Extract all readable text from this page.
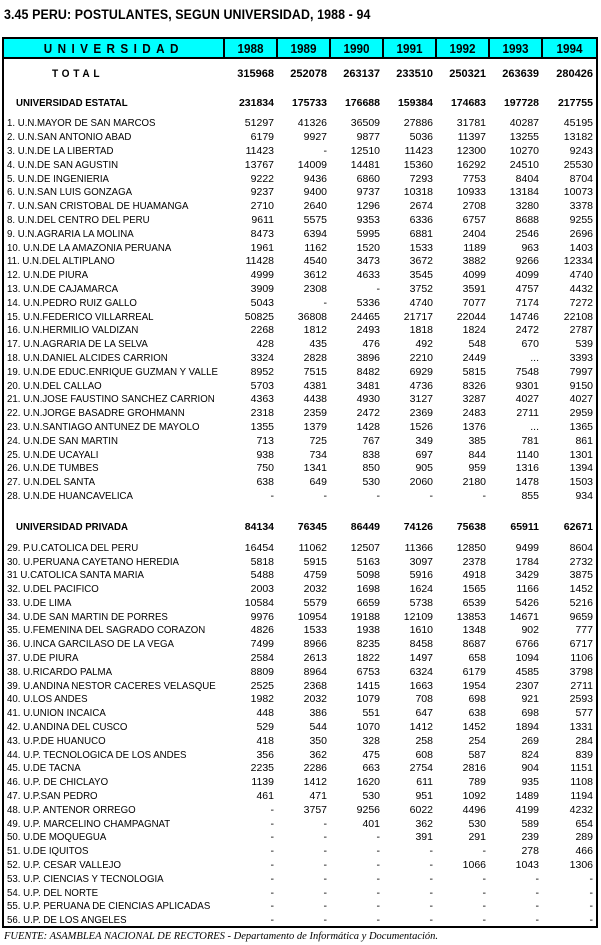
3.45 PERU: POSTULANTES, SEGUN UNIVERSIDAD, 1988 - 94
UNIVERSIDAD	1988	1989	1990	1991	1992	1993	1994
TOTAL	315968	252078	263137	233510	250321	263639	280426
UNIVERSIDAD ESTATAL	231834	175733	176688	159384	174683	197728	217755
1. U.N.MAYOR DE SAN MARCOS	51297	41326	36509	27886	31781	40287	45195
2. U.N.SAN ANTONIO ABAD	6179	9927	9877	5036	11397	13255	13182
3. U.N.DE LA LIBERTAD	11423	-	12510	11423	12300	10270	9243
4. U.N.DE SAN AGUSTIN	13767	14009	14481	15360	16292	24510	25530
5. U.N.DE INGENIERIA	9222	9436	6860	7293	7753	8404	8704
6. U.N.SAN LUIS GONZAGA	9237	9400	9737	10318	10933	13184	10073
7. U.N.SAN CRISTOBAL DE HUAMANGA	2710	2640	1296	2674	2708	3280	3378
8. U.N.DEL CENTRO DEL PERU	9611	5575	9353	6336	6757	8688	9255
9. U.N.AGRARIA LA MOLINA	8473	6394	5995	6881	2404	2546	2696
10. U.N.DE LA AMAZONIA PERUANA	1961	1162	1520	1533	1189	963	1403
11. U.N.DEL ALTIPLANO	11428	4540	3473	3672	3882	9266	12334
12. U.N.DE PIURA	4999	3612	4633	3545	4099	4099	4740
13. U.N.DE CAJAMARCA	3909	2308	-	3752	3591	4757	4432
14. U.N.PEDRO RUIZ GALLO	5043	-	5336	4740	7077	7174	7272
15. U.N.FEDERICO VILLARREAL	50825	36808	24465	21717	22044	14746	22108
16. U.N.HERMILIO VALDIZAN	2268	1812	2493	1818	1824	2472	2787
17. U.N.AGRARIA DE LA SELVA	428	435	476	492	548	670	539
18. U.N.DANIEL ALCIDES CARRION	3324	2828	3896	2210	2449	...	3393
19. U.N.DE EDUC.ENRIQUE GUZMAN Y VALLE	8952	7515	8482	6929	5815	7548	7997
20. U.N.DEL CALLAO	5703	4381	3481	4736	8326	9301	9150
21. U.N.JOSE FAUSTINO SANCHEZ CARRION	4363	4438	4930	3127	3287	4027	4027
22. U.N.JORGE BASADRE GROHMANN	2318	2359	2472	2369	2483	2711	2959
23. U.N.SANTIAGO ANTUNEZ DE MAYOLO	1355	1379	1428	1526	1376	...	1365
24. U.N.DE SAN MARTIN	713	725	767	349	385	781	861
25. U.N.DE UCAYALI	938	734	838	697	844	1140	1301
26. U.N.DE TUMBES	750	1341	850	905	959	1316	1394
27. U.N.DEL SANTA	638	649	530	2060	2180	1478	1503
28. U.N.DE HUANCAVELICA	-	-	-	-	-	855	934

UNIVERSIDAD PRIVADA	84134	76345	86449	74126	75638	65911	62671
29. P.U.CATOLICA DEL PERU	16454	11062	12507	11366	12850	9499	8604
30. U.PERUANA CAYETANO HEREDIA	5818	5915	5163	3097	2378	1784	2732
31 U.CATOLICA SANTA MARIA	5488	4759	5098	5916	4918	3429	3875
32. U.DEL PACIFICO	2003	2032	1698	1624	1565	1166	1452
33. U.DE LIMA	10584	5579	6659	5738	6539	5426	5216
34. U.DE SAN MARTIN DE PORRES	9976	10954	19188	12109	13853	14671	9659
35. U.FEMENINA DEL SAGRADO CORAZON	4826	1533	1938	1610	1348	902	777
36. U.INCA GARCILASO DE LA VEGA	7499	8966	8235	8458	8687	6766	6717
37. U.DE PIURA	2584	2613	1822	1497	658	1094	1106
38. U.RICARDO PALMA	8809	8964	6753	6324	6179	4585	3798
39. U.ANDINA NESTOR CACERES VELASQUE	2525	2368	1415	1663	1954	2307	2711
40. U.LOS ANDES	1982	2032	1079	708	698	921	2593
41. U.UNION INCAICA	448	386	551	647	638	698	577
42. U.ANDINA DEL CUSCO	529	544	1070	1412	1452	1894	1331
43. U.P.DE HUANUCO	418	350	328	258	254	269	284
44. U.P. TECNOLOGICA DE LOS ANDES	356	362	475	608	587	824	839
45. U.DE TACNA	2235	2286	663	2754	2816	904	1151
46. U.P. DE CHICLAYO	1139	1412	1620	611	789	935	1108
47. U.P.SAN PEDRO	461	471	530	951	1092	1489	1194
48. U.P. ANTENOR ORREGO	-	3757	9256	6022	4496	4199	4232
49. U.P. MARCELINO CHAMPAGNAT	-	-	401	362	530	589	654
50. U.DE MOQUEGUA	-	-	-	391	291	239	289
51. U.DE IQUITOS	-	-	-	-	-	278	466
52. U.P. CESAR VALLEJO	-	-	-	-	1066	1043	1306
53. U.P. CIENCIAS Y TECNOLOGIA	-	-	-	-	-	-	-
54. U.P. DEL NORTE	-	-	-	-	-	-	-
55. U.P. PERUANA DE CIENCIAS APLICADAS	-	-	-	-	-	-	-
56. U.P. DE LOS ANGELES	-	-	-	-	-	-	-
FUENTE: ASAMBLEA NACIONAL DE RECTORES - Departamento de Informática y Documentación.
